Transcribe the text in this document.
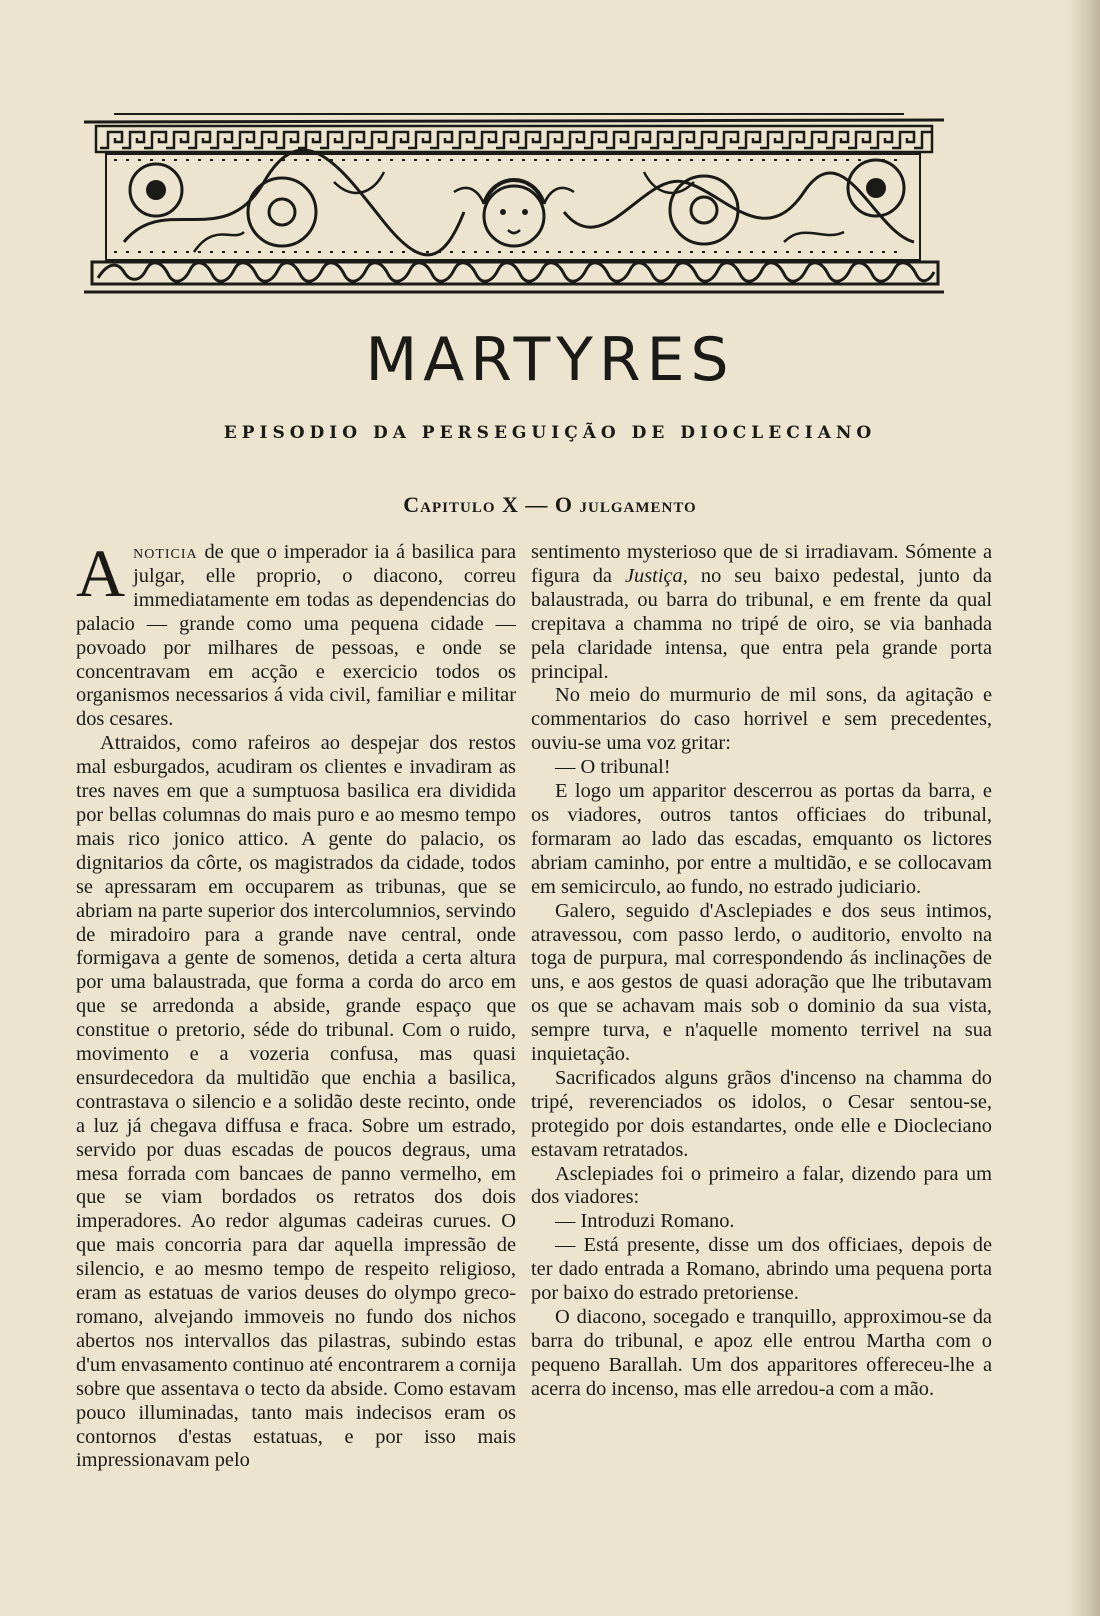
MARTYRES
EPISODIO DA PERSEGUIÇÃO DE DIOCLECIANO
Capitulo X — O julgamento

A noticia de que o imperador ia á basilica para julgar, elle proprio, o diacono, correu immediatamente em todas as dependencias do palacio — grande como uma pequena cidade — povoado por milhares de pessoas, e onde se concentravam em acção e exercicio todos os organismos necessarios á vida civil, familiar e militar dos cesares.

Attraidos, como rafeiros ao despejar dos restos mal esburgados, acudiram os clientes e invadiram as tres naves em que a sumptuosa basilica era dividida por bellas columnas do mais puro e ao mesmo tempo mais rico jonico attico. A gente do palacio, os dignitarios da côrte, os magistrados da cidade, todos se apressaram em occuparem as tribunas, que se abriam na parte superior dos intercolumnios, servindo de miradoiro para a grande nave central, onde formigava a gente de somenos, detida a certa altura por uma balaustrada, que forma a corda do arco em que se arredonda a abside, grande espaço que constitue o pretorio, séde do tribunal. Com o ruido, movimento e a vozeria confusa, mas quasi ensurdecedora da multidão que enchia a basilica, contrastava o silencio e a solidão deste recinto, onde a luz já chegava diffusa e fraca. Sobre um estrado, servido por duas escadas de poucos degraus, uma mesa forrada com bancaes de panno vermelho, em que se viam bordados os retratos dos dois imperadores. Ao redor algumas cadeiras curues. O que mais concorria para dar aquella impressão de silencio, e ao mesmo tempo de respeito religioso, eram as estatuas de varios deuses do olympo greco-romano, alvejando immoveis no fundo dos nichos abertos nos intervallos das pilastras, subindo estas d'um envasamento continuo até encontrarem a cornija sobre que assentava o tecto da abside. Como estavam pouco illuminadas, tanto mais indecisos eram os contornos d'estas estatuas, e por isso mais impressionavam pelo

sentimento mysterioso que de si irradiavam. Sómente a figura da Justiça, no seu baixo pedestal, junto da balaustrada, ou barra do tribunal, e em frente da qual crepitava a chamma no tripé de oiro, se via banhada pela claridade intensa, que entra pela grande porta principal.

No meio do murmurio de mil sons, da agitação e commentarios do caso horrivel e sem precedentes, ouviu-se uma voz gritar:

— O tribunal!

E logo um apparitor descerrou as portas da barra, e os viadores, outros tantos officiaes do tribunal, formaram ao lado das escadas, emquanto os lictores abriam caminho, por entre a multidão, e se collocavam em semicirculo, ao fundo, no estrado judiciario.

Galero, seguido d'Asclepiades e dos seus intimos, atravessou, com passo lerdo, o auditorio, envolto na toga de purpura, mal correspondendo ás inclinações de uns, e aos gestos de quasi adoração que lhe tributavam os que se achavam mais sob o dominio da sua vista, sempre turva, e n'aquelle momento terrivel na sua inquietação.

Sacrificados alguns grãos d'incenso na chamma do tripé, reverenciados os idolos, o Cesar sentou-se, protegido por dois estandartes, onde elle e Diocleciano estavam retratados.

Asclepiades foi o primeiro a falar, dizendo para um dos viadores:

— Introduzi Romano.

— Está presente, disse um dos officiaes, depois de ter dado entrada a Romano, abrindo uma pequena porta por baixo do estrado pretoriense.

O diacono, socegado e tranquillo, approximou-se da barra do tribunal, e apoz elle entrou Martha com o pequeno Barallah. Um dos apparitores offereceu-lhe a acerra do incenso, mas elle arredou-a com a mão.
